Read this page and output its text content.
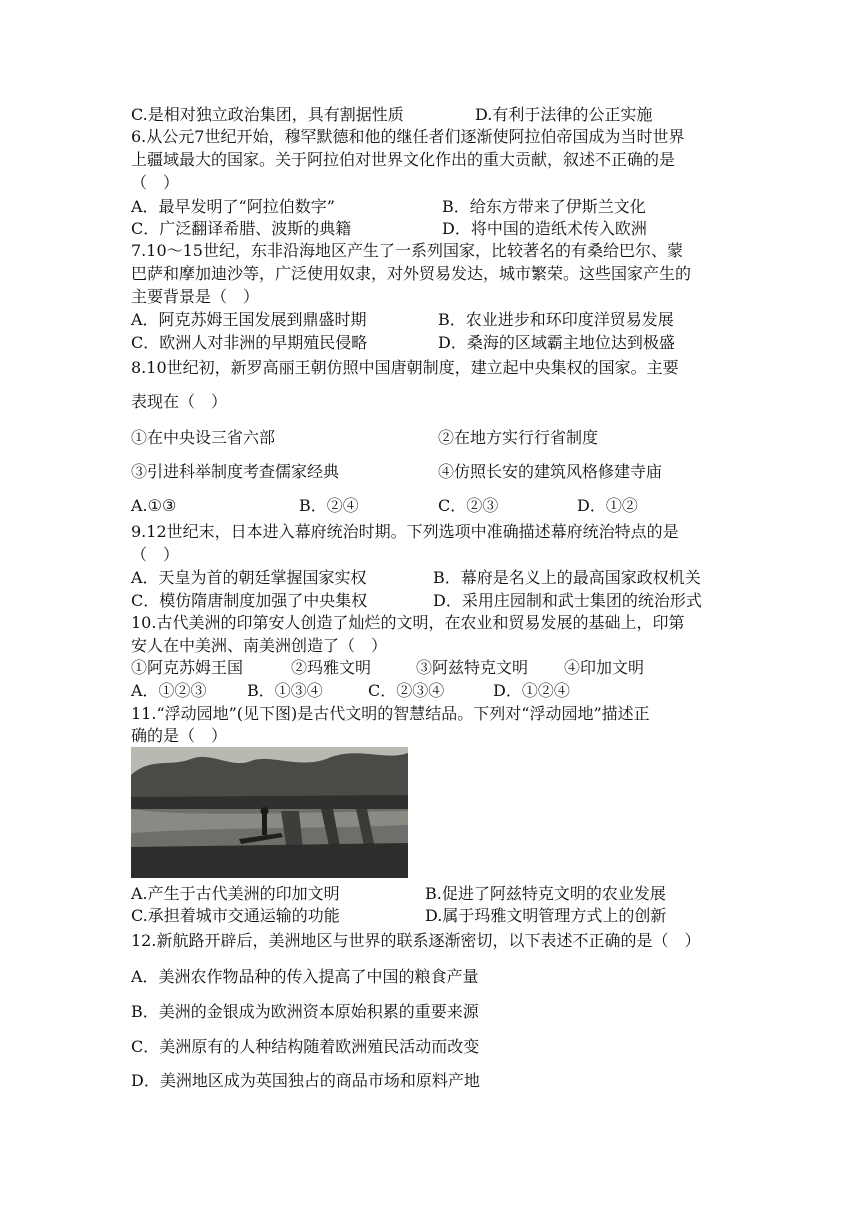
C.是相对独立政治集团，具有割据性质	D.有利于法律的公正实施
6.从公元7世纪开始，穆罕默德和他的继任者们逐渐使阿拉伯帝国成为当时世界
上疆域最大的国家。关于阿拉伯对世界文化作出的重大贡献，叙述不正确的是
（　）
A．最早发明了“阿拉伯数字”	B．给东方带来了伊斯兰文化
C．广泛翻译希腊、波斯的典籍	D．将中国的造纸术传入欧洲
7.10～15世纪，东非沿海地区产生了一系列国家，比较著名的有桑给巴尔、蒙
巴萨和摩加迪沙等，广泛使用奴隶，对外贸易发达，城市繁荣。这些国家产生的
主要背景是（　）
A．阿克苏姆王国发展到鼎盛时期	B．农业进步和环印度洋贸易发展
C．欧洲人对非洲的早期殖民侵略	D．桑海的区域霸主地位达到极盛
8.10世纪初，新罗高丽王朝仿照中国唐朝制度，建立起中央集权的国家。主要
表现在（　）
①在中央设三省六部	②在地方实行行省制度
③引进科举制度考查儒家经典	④仿照长安的建筑风格修建寺庙
A.①③	B．②④	C．②③	D．①②
9.12世纪末，日本进入幕府统治时期。下列选项中准确描述幕府统治特点的是
（　）
A．天皇为首的朝廷掌握国家实权	B．幕府是名义上的最高国家政权机关
C．模仿隋唐制度加强了中央集权	D．采用庄园制和武士集团的统治形式
10.古代美洲的印第安人创造了灿烂的文明，在农业和贸易发展的基础上，印第
安人在中美洲、南美洲创造了（　）
①阿克苏姆王国	②玛雅文明	③阿兹特克文明 ④印加文明
A．①②③	B．①③④	C．②③④	D．①②④
11.“浮动园地”(见下图)是古代文明的智慧结品。下列对“浮动园地”描述正
确的是（　）
A.产生于古代美洲的印加文明	B.促进了阿兹特克文明的农业发展
C.承担着城市交通运输的功能	D.属于玛雅文明管理方式上的创新
12.新航路开辟后，美洲地区与世界的联系逐渐密切，以下表述不正确的是（　）
A．美洲农作物品种的传入提高了中国的粮食产量
B．美洲的金银成为欧洲资本原始积累的重要来源
C．美洲原有的人种结构随着欧洲殖民活动而改变
D．美洲地区成为英国独占的商品市场和原料产地
